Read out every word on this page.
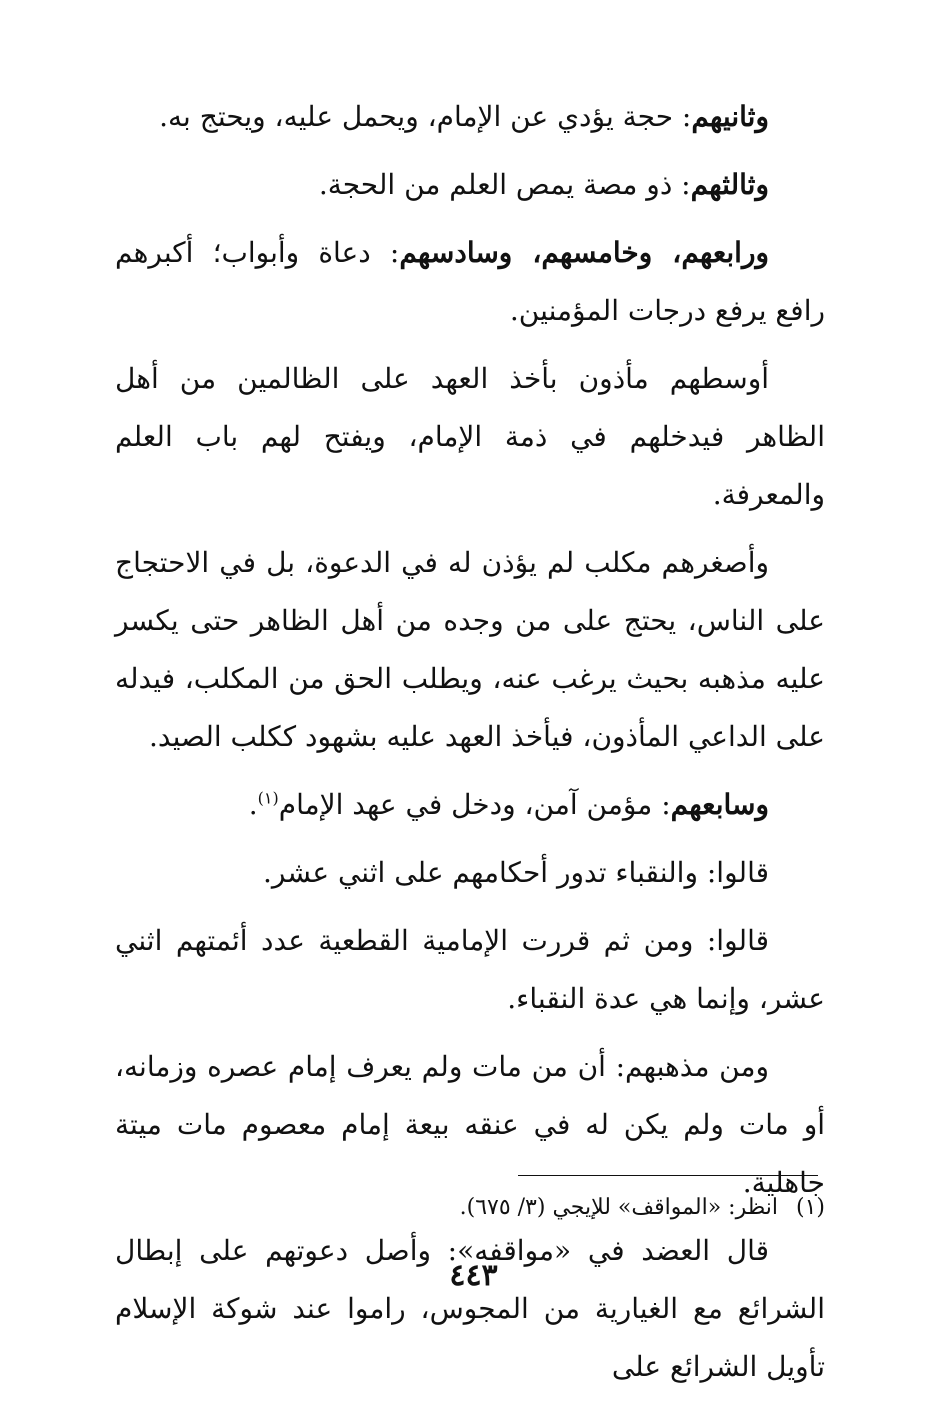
وثانيهم: حجة يؤدي عن الإمام، ويحمل عليه، ويحتج به.

وثالثهم: ذو مصة يمص العلم من الحجة.

ورابعهم، وخامسهم، وسادسهم: دعاة وأبواب؛ أكبرهم رافع يرفع درجات المؤمنين.

أوسطهم مأذون بأخذ العهد على الظالمين من أهل الظاهر فيدخلهم في ذمة الإمام، ويفتح لهم باب العلم والمعرفة.

وأصغرهم مكلب لم يؤذن له في الدعوة، بل في الاحتجاج على الناس، يحتج على من وجده من أهل الظاهر حتى يكسر عليه مذهبه بحيث يرغب عنه، ويطلب الحق من المكلب، فيدله على الداعي المأذون، فيأخذ العهد عليه بشهود ككلب الصيد.

وسابعهم: مؤمن آمن، ودخل في عهد الإمام$^{(١)}$.

قالوا: والنقباء تدور أحكامهم على اثني عشر.

قالوا: ومن ثم قررت الإمامية القطعية عدد أئمتهم اثني عشر، وإنما هي عدة النقباء.

ومن مذهبهم: أن من مات ولم يعرف إمام عصره وزمانه، أو مات ولم يكن له في عنقه بيعة إمام معصوم مات ميتة جاهلية.

قال العضد في «مواقفه»: وأصل دعوتهم على إبطال الشرائع مع الغيارية من المجوس، راموا عند شوكة الإسلام تأويل الشرائع على

(١)انظر: «المواقف» للإيجي (٣/ ٦٧٥).
٤٤٣
